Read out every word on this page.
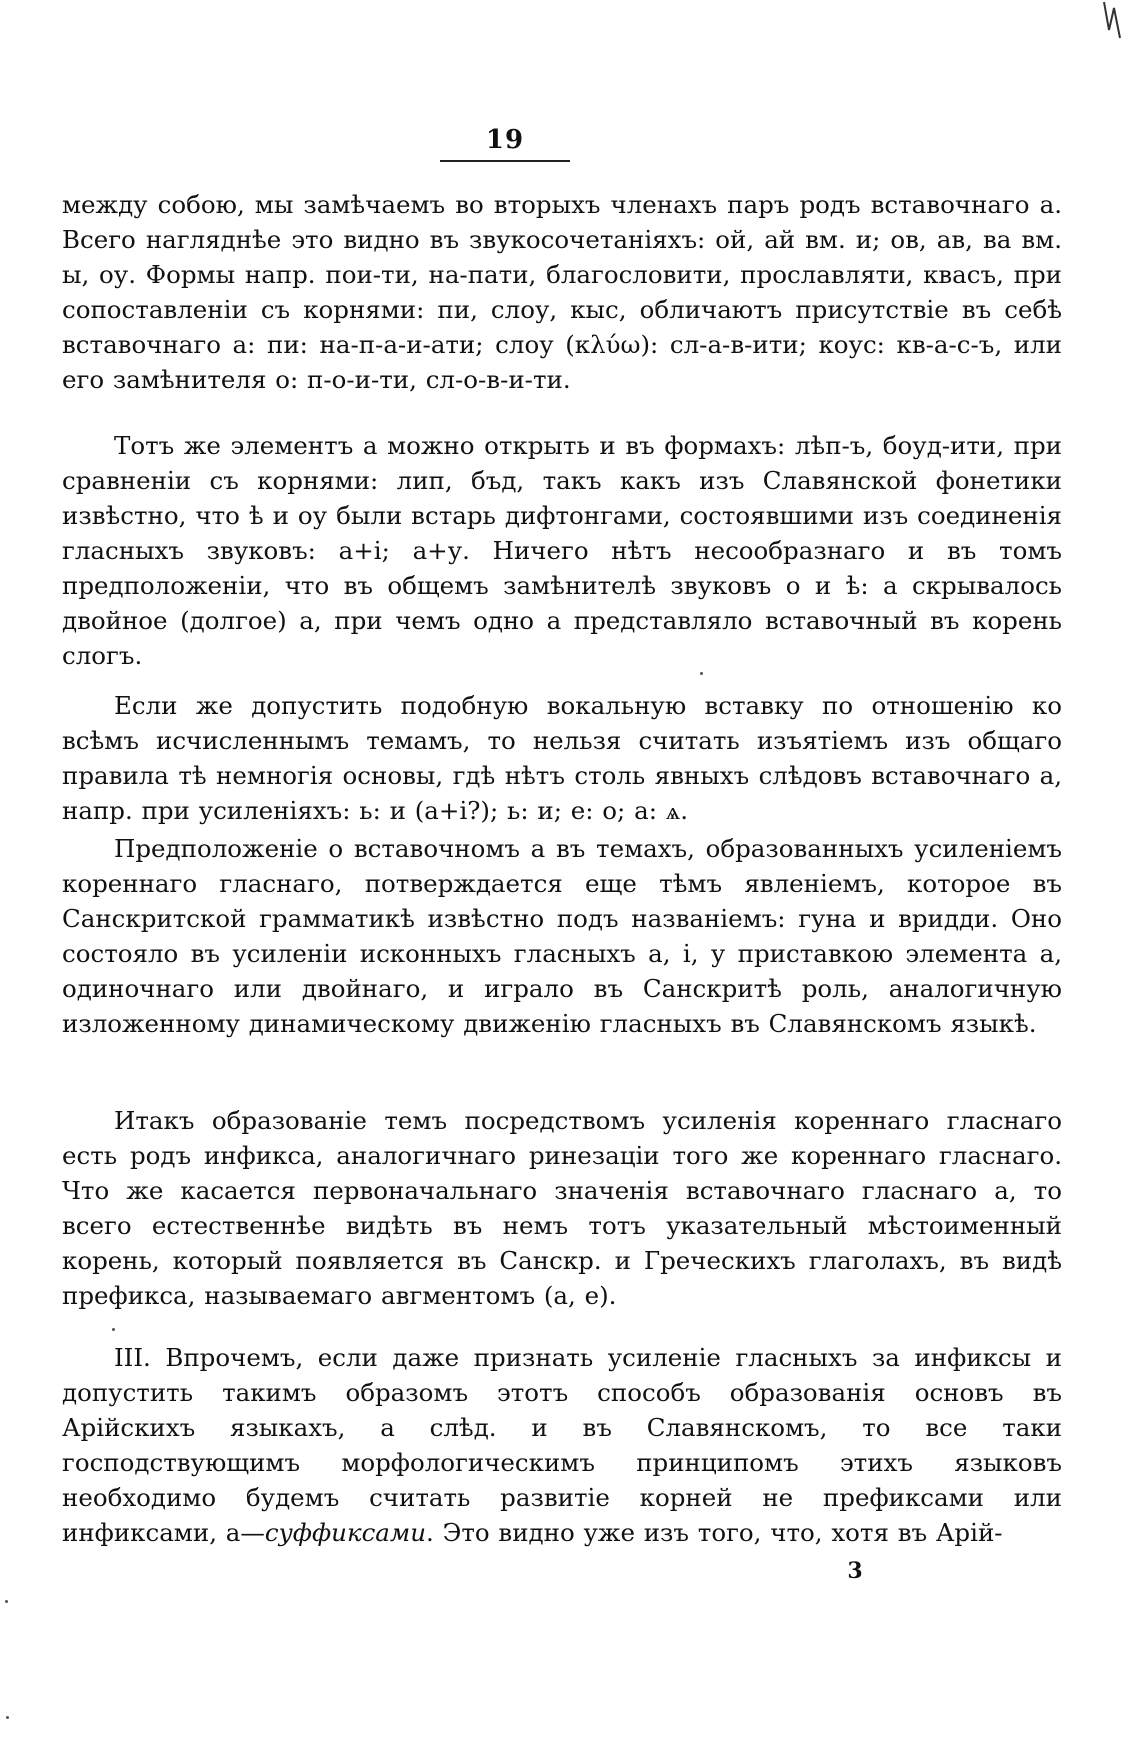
19

между собою, мы замѣчаемъ во вторыхъ членахъ паръ родъ вставочнаго а. Всего нагляднѣе это видно въ звукосочетаніяхъ: ой, ай вм. и; ов, ав, ва вм. ы, оу. Формы напр. пои-ти, на-пати, благословити, прославляти, квасъ, при сопоставленіи съ корнями: пи, слоу, кыс, обличаютъ присутствіе въ себѣ вставочнаго а: пи: на-п-а-и-ати; слоу (κλύω): сл-а-в-ити; коус: кв-а-с-ъ, или его замѣнителя о: п-о-и-ти, сл-о-в-и-ти.

Тотъ же элементъ а можно открыть и въ формахъ: лѣп-ъ, боуд-ити, при сравненіи съ корнями: лип, бъд, такъ какъ изъ Славянской фонетики извѣстно, что ѣ и оу были встарь дифтонгами, состоявшими изъ соединенія гласныхъ звуковъ: а+і; а+у. Ничего нѣтъ несообразнаго и въ томъ предположеніи, что въ общемъ замѣнителѣ звуковъ о и ѣ: а скрывалось двойное (долгое) а, при чемъ одно а представляло вставочный въ корень слогъ.

Если же допустить подобную вокальную вставку по отношенію ко всѣмъ исчисленнымъ темамъ, то нельзя считать изъятіемъ изъ общаго правила тѣ немногія основы, гдѣ нѣтъ столь явныхъ слѣдовъ вставочнаго а, напр. при усиленіяхъ: ь: и (а+і?); ь: и; е: о; а: ѧ.

Предположеніе о вставочномъ а въ темахъ, образованныхъ усиленіемъ кореннаго гласнаго, потверждается еще тѣмъ явленіемъ, которое въ Санскритской грамматикѣ извѣстно подъ названіемъ: гуна и вридди. Оно состояло въ усиленіи исконныхъ гласныхъ а, і, у приставкою элемента а, одиночнаго или двойнаго, и играло въ Санскритѣ роль, аналогичную изложенному динамическому движенію гласныхъ въ Славянскомъ языкѣ.

Итакъ образованіе темъ посредствомъ усиленія кореннаго гласнаго есть родъ инфикса, аналогичнаго ринезаціи того же кореннаго гласнаго. Что же касается первоначальнаго значенія вставочнаго гласнаго а, то всего естественнѣе видѣть въ немъ тотъ указательный мѣстоименный корень, который появляется въ Санскр. и Греческихъ глаголахъ, въ видѣ префикса, называемаго авгментомъ (а, е).

III. Впрочемъ, если даже признать усиленіе гласныхъ за инфиксы и допустить такимъ образомъ этотъ способъ образованія основъ въ Арійскихъ языкахъ, а слѣд. и въ Славянскомъ, то все таки господствующимъ морфологическимъ принципомъ этихъ языковъ необходимо будемъ считать развитіе корней не префиксами или инфиксами, а—суффиксами. Это видно уже изъ того, что, хотя въ Арій-

3
